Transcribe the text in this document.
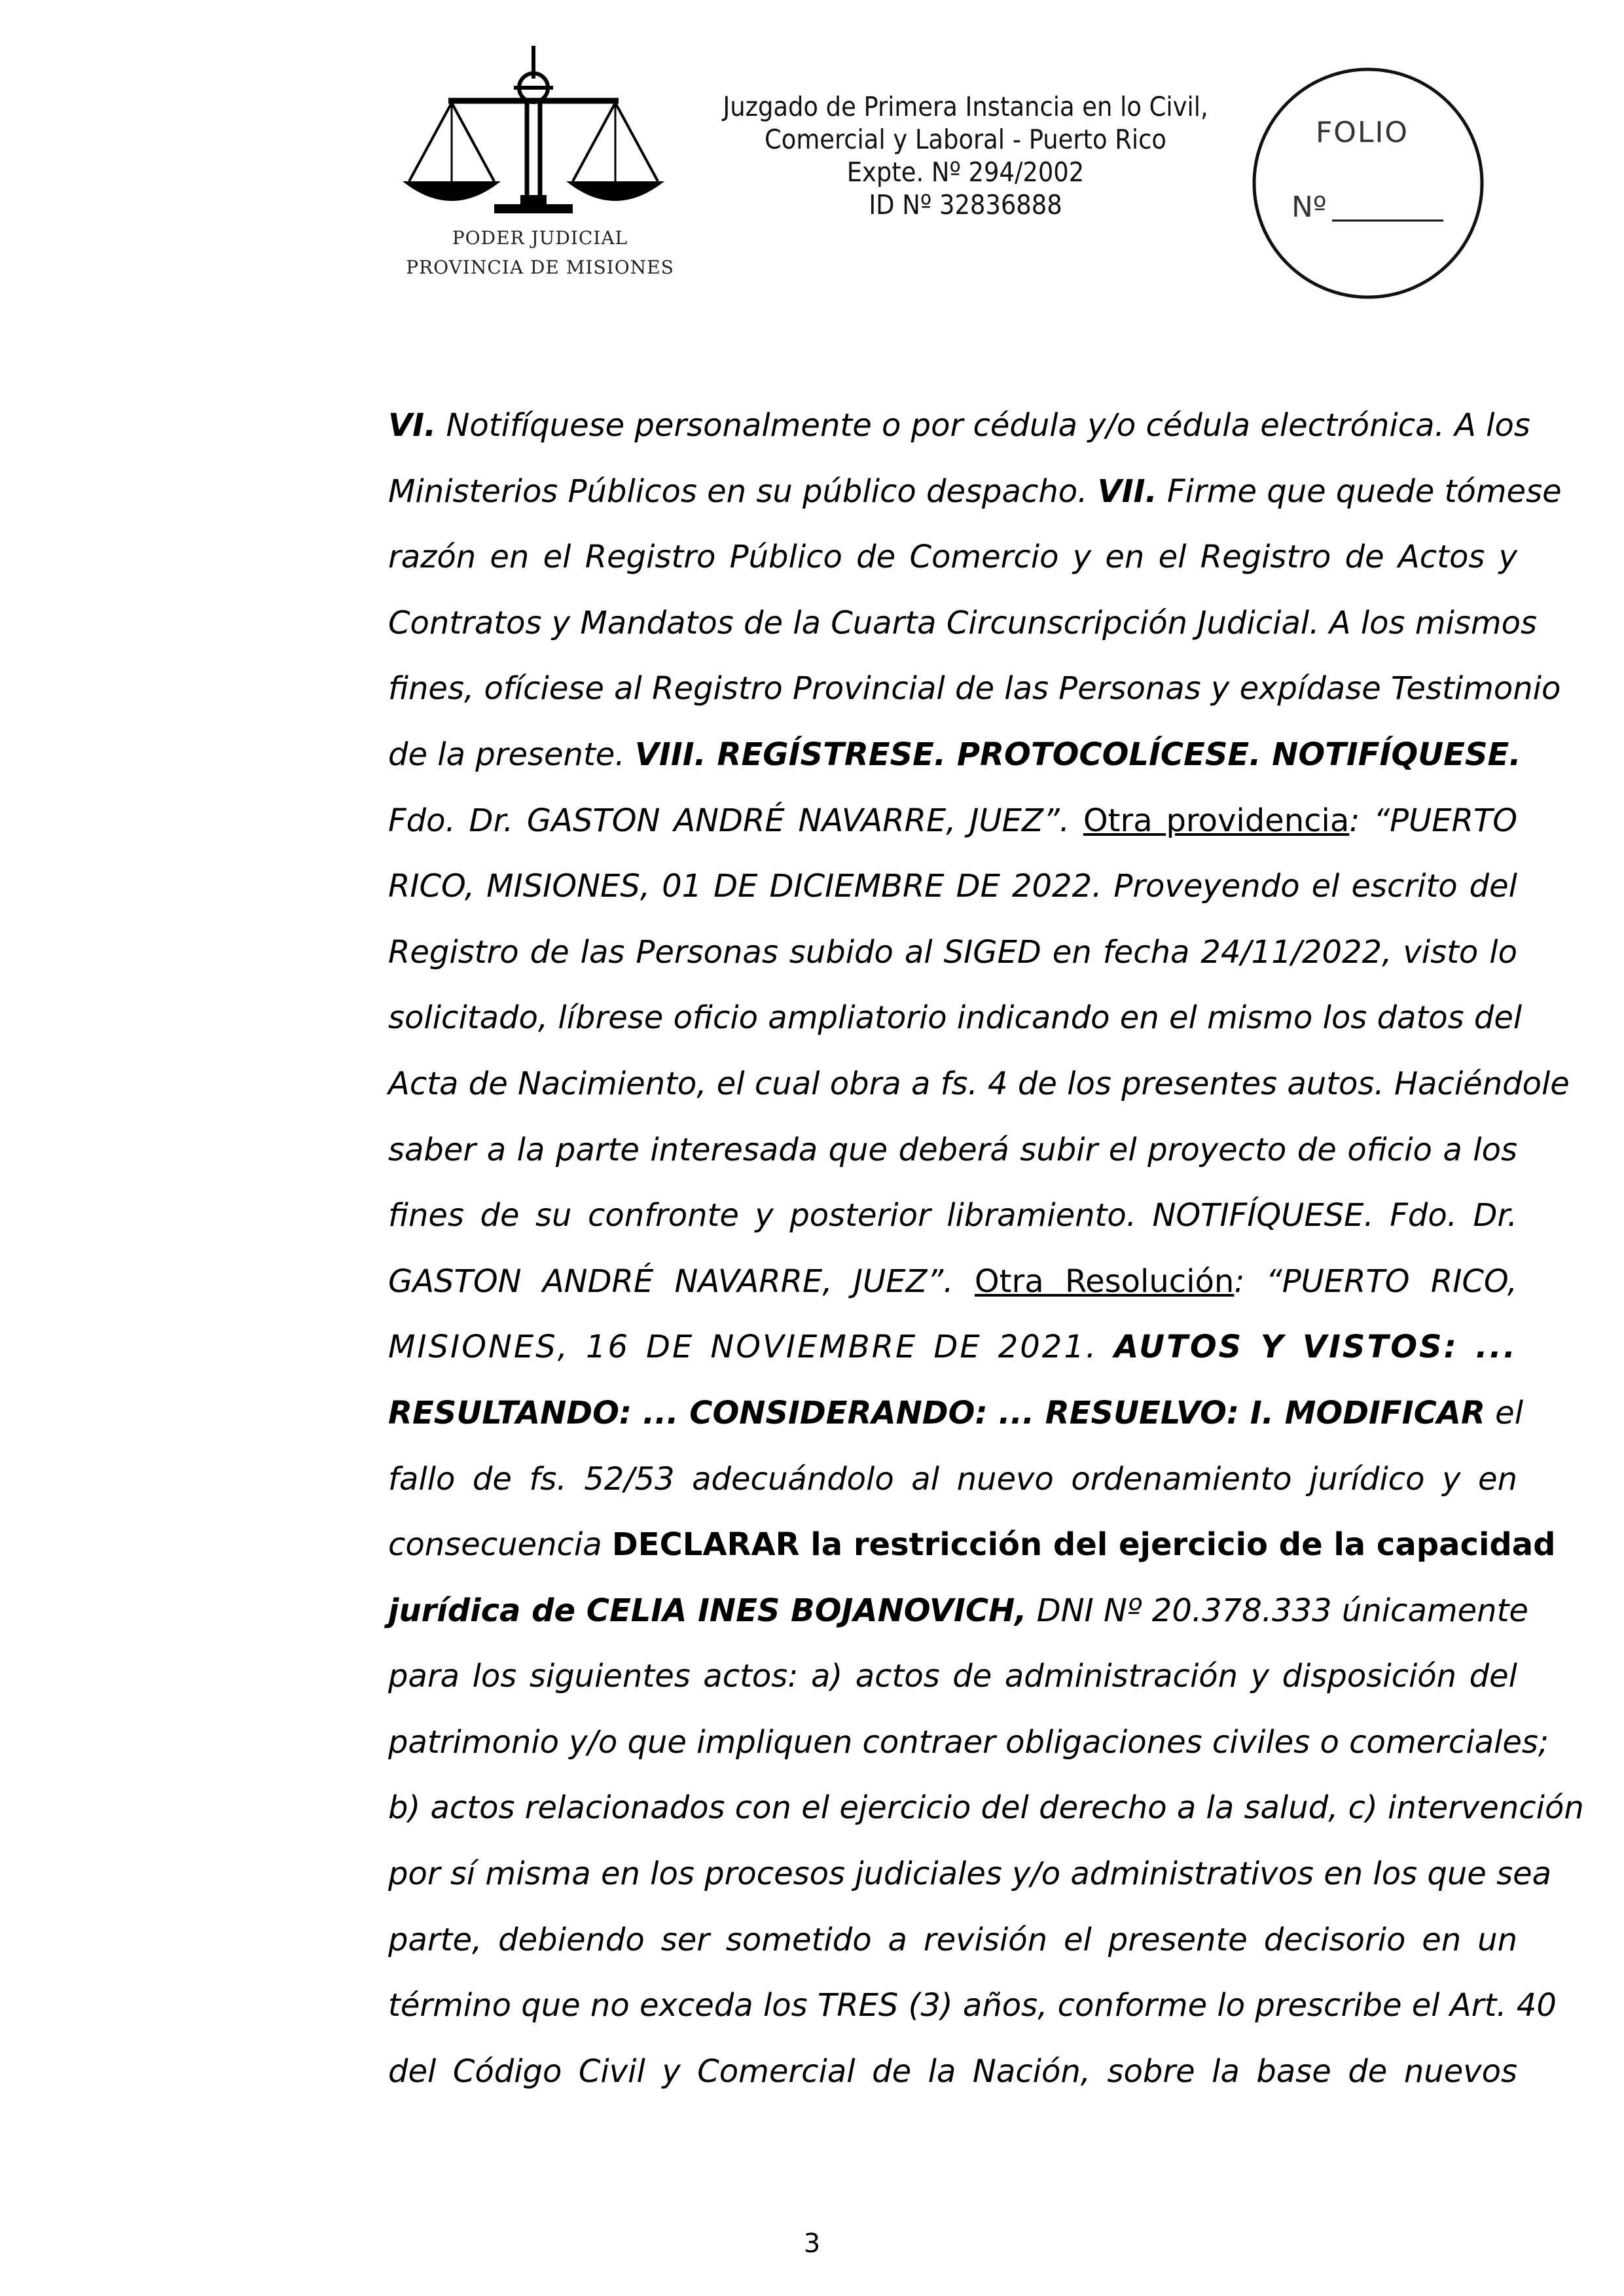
PODER JUDICIAL
PROVINCIA DE MISIONES
Juzgado de Primera Instancia en lo Civil,
Comercial y Laboral - Puerto Rico
Expte. Nº 294/2002
ID Nº 32836888
FOLIO
Nº
VI. Notifíquese personalmente o por cédula y/o cédula electrónica. A los
Ministerios Públicos en su público despacho. VII. Firme que quede tómese
razón en el Registro Público de Comercio y en el Registro de Actos y
Contratos y Mandatos de la Cuarta Circunscripción Judicial. A los mismos
fines, ofíciese al Registro Provincial de las Personas y expídase Testimonio
de la presente. VIII. REGÍSTRESE. PROTOCOLÍCESE. NOTIFÍQUESE.
Fdo. Dr. GASTON ANDRÉ NAVARRE, JUEZ”. Otra providencia: “PUERTO
RICO, MISIONES, 01 DE DICIEMBRE DE 2022. Proveyendo el escrito del
Registro de las Personas subido al SIGED en fecha 24/11/2022, visto lo
solicitado, líbrese oficio ampliatorio indicando en el mismo los datos del
Acta de Nacimiento, el cual obra a fs. 4 de los presentes autos. Haciéndole
saber a la parte interesada que deberá subir el proyecto de oficio a los
fines de su confronte y posterior libramiento. NOTIFÍQUESE. Fdo. Dr.
GASTON ANDRÉ NAVARRE, JUEZ”. Otra Resolución: “PUERTO RICO,
MISIONES, 16 DE NOVIEMBRE DE 2021. AUTOS Y VISTOS: ...
RESULTANDO: ... CONSIDERANDO: ... RESUELVO: I. MODIFICAR el
fallo de fs. 52/53 adecuándolo al nuevo ordenamiento jurídico y en
consecuencia DECLARAR la restricción del ejercicio de la capacidad
jurídica de CELIA INES BOJANOVICH, DNI Nº 20.378.333 únicamente
para los siguientes actos: a) actos de administración y disposición del
patrimonio y/o que impliquen contraer obligaciones civiles o comerciales;
b) actos relacionados con el ejercicio del derecho a la salud, c) intervención
por sí misma en los procesos judiciales y/o administrativos en los que sea
parte, debiendo ser sometido a revisión el presente decisorio en un
término que no exceda los TRES (3) años, conforme lo prescribe el Art. 40
del Código Civil y Comercial de la Nación, sobre la base de nuevos
3
